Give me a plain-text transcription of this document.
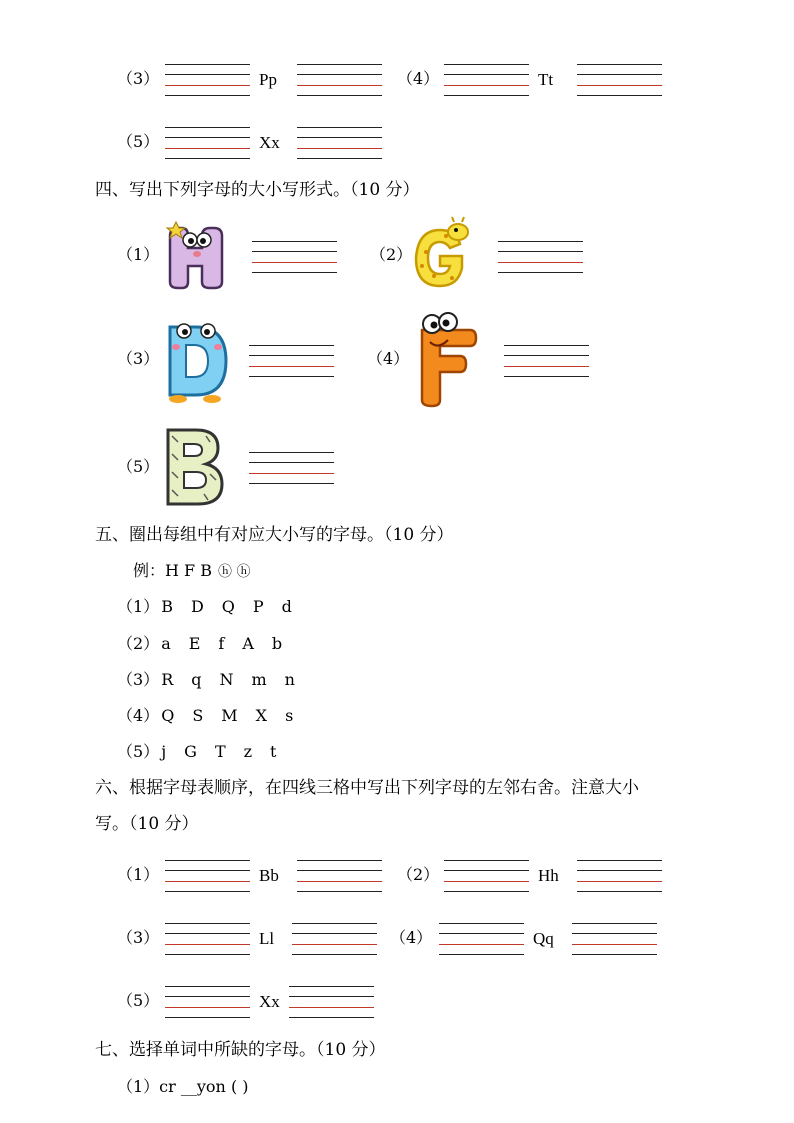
（3）	Pp	（4）	Tt
（5）	Xx
四、写出下列字母的大小写形式。（10 分）
（1）	（2）
（3）	（4）
（5）
五、圈出每组中有对应大小写的字母。（10 分）
例：H F B ⓗ ⓗ
（1） B D Q P d
（2） a E f A b
（3） R q N m n
（4） Q S M X s
（5） j G T z t
六、根据字母表顺序，在四线三格中写出下列字母的左邻右舍。注意大小
写。（10 分）
（1）	Bb	（2）	Hh
（3）	Ll	（4）	Qq
（5）	Xx
七、选择单词中所缺的字母。（10 分）
（1）cr __yon ( )
